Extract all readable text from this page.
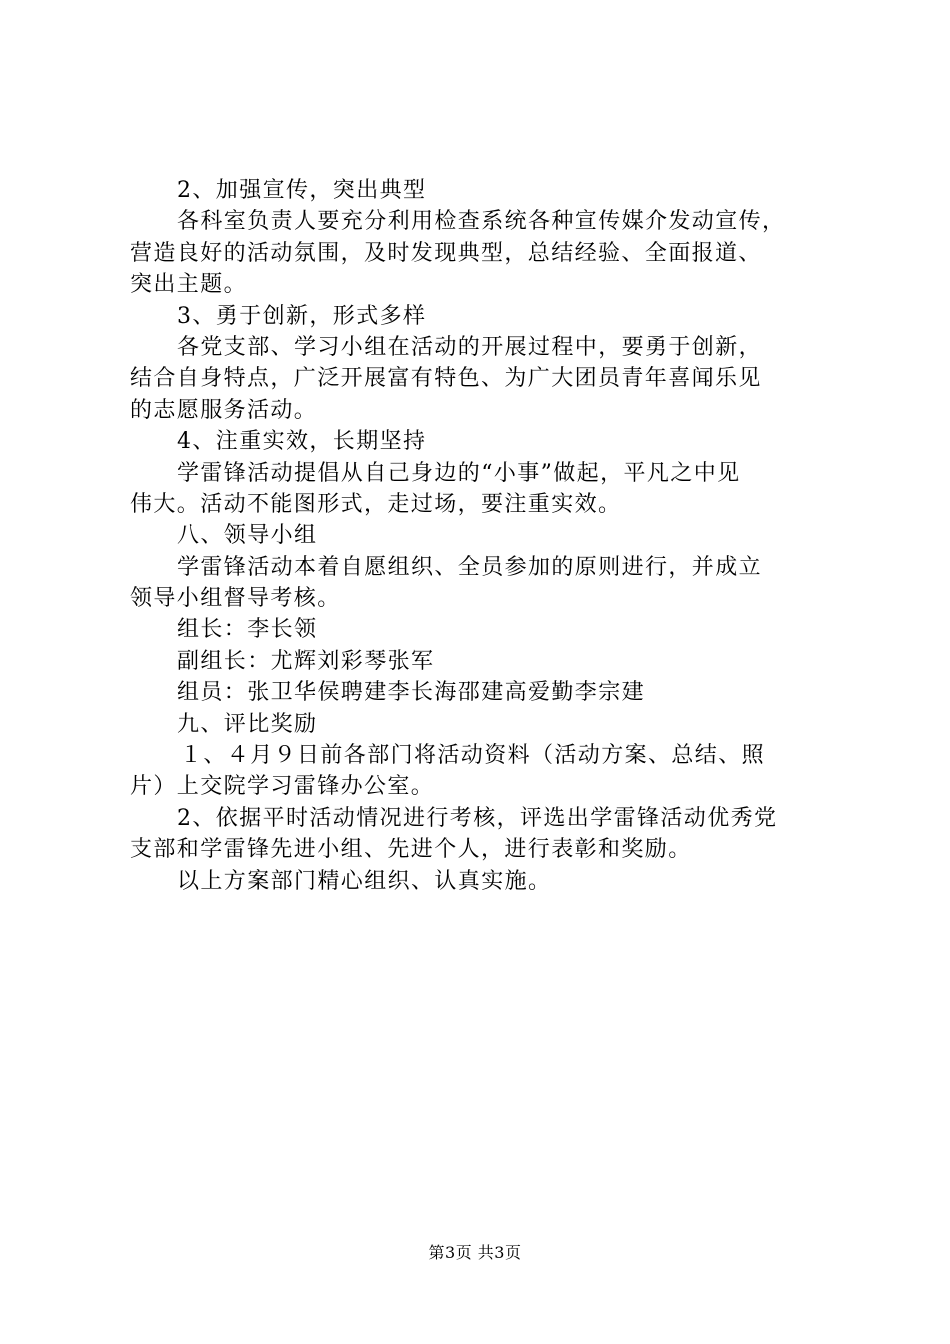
2、加强宣传，突出典型
各科室负责人要充分利用检查系统各种宣传媒介发动宣传，
营造良好的活动氛围，及时发现典型，总结经验、全面报道、
突出主题。
3、勇于创新，形式多样
各党支部、学习小组在活动的开展过程中，要勇于创新，
结合自身特点，广泛开展富有特色、为广大团员青年喜闻乐见
的志愿服务活动。
4、注重实效，长期坚持
学雷锋活动提倡从自己身边的“小事”做起，平凡之中见
伟大。活动不能图形式，走过场，要注重实效。
八、领导小组
学雷锋活动本着自愿组织、全员参加的原则进行，并成立
领导小组督导考核。
组长：李长领
副组长：尤辉刘彩琴张军
组员：张卫华侯聘建李长海邵建高爱勤李宗建
九、评比奖励
１、４月９日前各部门将活动资料（活动方案、总结、照
片）上交院学习雷锋办公室。
2、依据平时活动情况进行考核，评选出学雷锋活动优秀党
支部和学雷锋先进小组、先进个人，进行表彰和奖励。
以上方案部门精心组织、认真实施。
第3页 共3页
